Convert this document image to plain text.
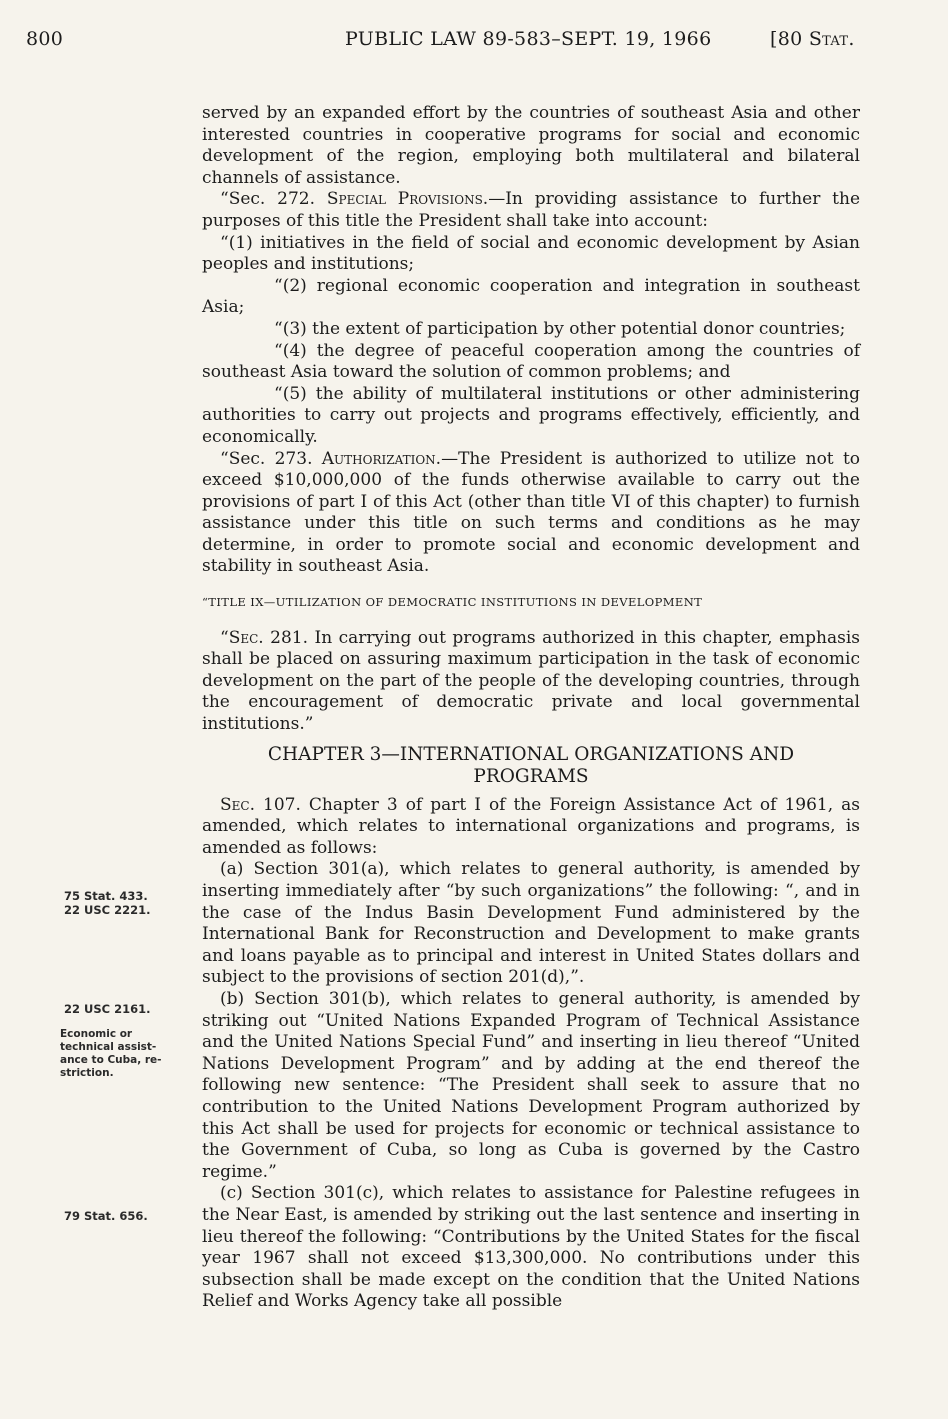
800	PUBLIC LAW 89-583–SEPT. 19, 1966	[80 Stat.
75 Stat. 433.
22 USC 2221.
22 USC 2161.
Economic or
technical assist-
ance to Cuba, re-
striction.
79 Stat. 656.

served by an expanded effort by the countries of southeast Asia and other interested countries in cooperative programs for social and economic development of the region, employing both multilateral and bilateral channels of assistance.

“Sec. 272. Special Provisions.—In providing assistance to further the purposes of this title the President shall take into account:

“(1) initiatives in the field of social and economic development by Asian peoples and institutions;

“(2) regional economic cooperation and integration in southeast Asia;

“(3) the extent of participation by other potential donor countries;

“(4) the degree of peaceful cooperation among the countries of southeast Asia toward the solution of common problems; and

“(5) the ability of multilateral institutions or other administering authorities to carry out projects and programs effectively, efficiently, and economically.

“Sec. 273. Authorization.—The President is authorized to utilize not to exceed $10,000,000 of the funds otherwise available to carry out the provisions of part I of this Act (other than title VI of this chapter) to furnish assistance under this title on such terms and conditions as he may determine, in order to promote social and economic development and stability in southeast Asia.

“TITLE IX—UTILIZATION OF DEMOCRATIC INSTITUTIONS IN DEVELOPMENT

“Sec. 281. In carrying out programs authorized in this chapter, emphasis shall be placed on assuring maximum participation in the task of economic development on the part of the people of the developing countries, through the encouragement of democratic private and local governmental institutions.”

CHAPTER 3—INTERNATIONAL ORGANIZATIONS AND
PROGRAMS

Sec. 107. Chapter 3 of part I of the Foreign Assistance Act of 1961, as amended, which relates to international organizations and programs, is amended as follows:

(a) Section 301(a), which relates to general authority, is amended by inserting immediately after “by such organizations” the following: “, and in the case of the Indus Basin Development Fund administered by the International Bank for Reconstruction and Development to make grants and loans payable as to principal and interest in United States dollars and subject to the provisions of section 201(d),”.

(b) Section 301(b), which relates to general authority, is amended by striking out “United Nations Expanded Program of Technical Assistance and the United Nations Special Fund” and inserting in lieu thereof “United Nations Development Program” and by adding at the end thereof the following new sentence: “The President shall seek to assure that no contribution to the United Nations Development Program authorized by this Act shall be used for projects for economic or technical assistance to the Government of Cuba, so long as Cuba is governed by the Castro regime.”

(c) Section 301(c), which relates to assistance for Palestine refugees in the Near East, is amended by striking out the last sentence and inserting in lieu thereof the following: “Contributions by the United States for the fiscal year 1967 shall not exceed $13,300,000. No contributions under this subsection shall be made except on the condition that the United Nations Relief and Works Agency take all possible
